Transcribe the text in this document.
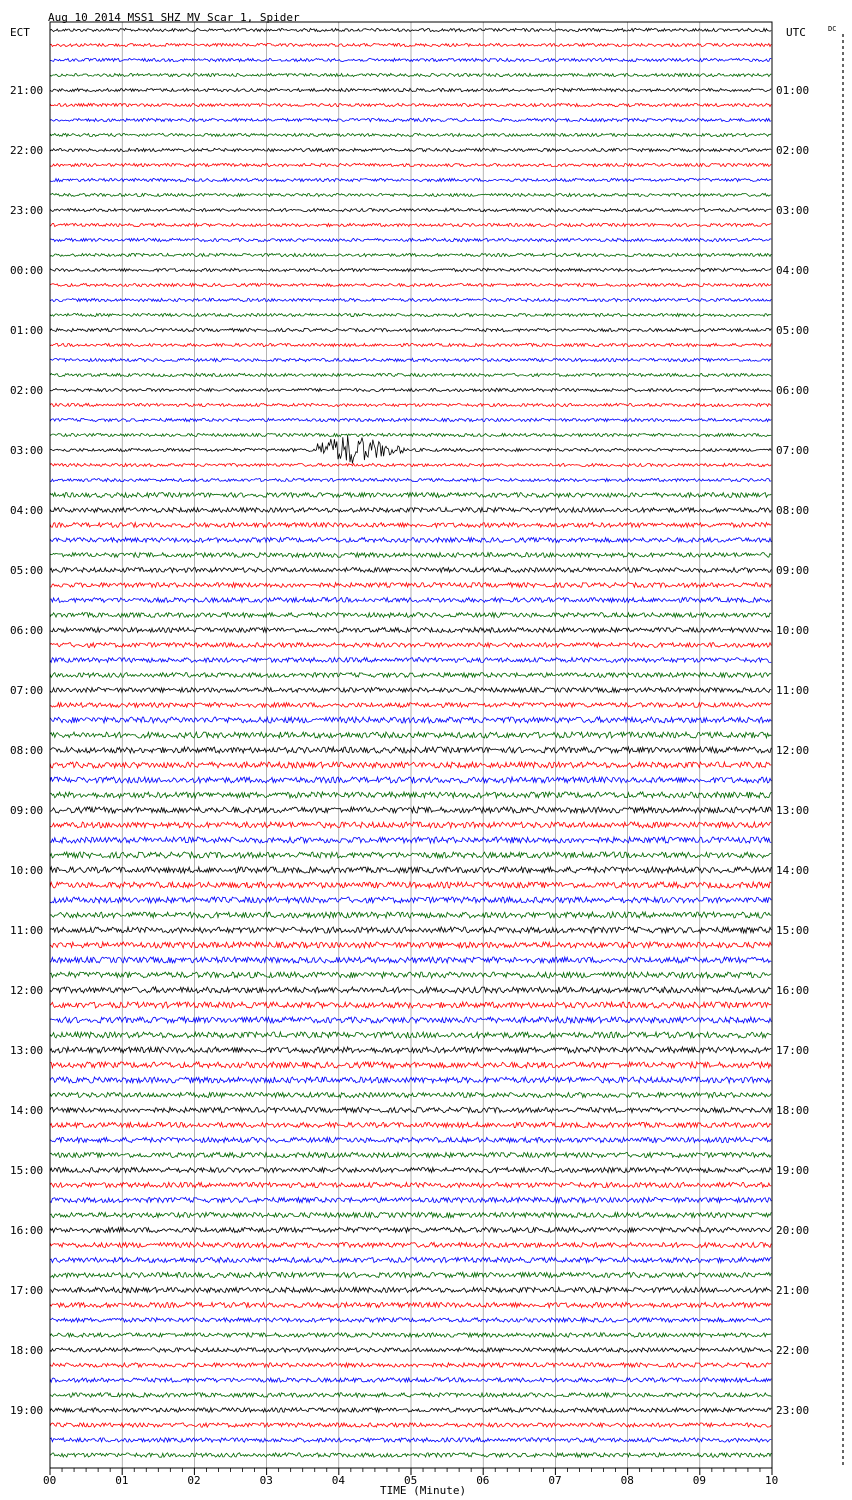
Aug 10 2014 MSS1 SHZ MV Scar 1, Spider
ECT	UTC	DC
TIME (Minute)
00	01	02	03	04	05	06	07	08	09	10
21:00
22:00
23:00
00:00
01:00
02:00
03:00
04:00
05:00
06:00
07:00
08:00
09:00
10:00
11:00
12:00
13:00
14:00
15:00
16:00
17:00
18:00
19:00
01:00
02:00
03:00
04:00
05:00
06:00
07:00
08:00
09:00
10:00
11:00
12:00
13:00
14:00
15:00
16:00
17:00
18:00
19:00
20:00
21:00
22:00
23:00
